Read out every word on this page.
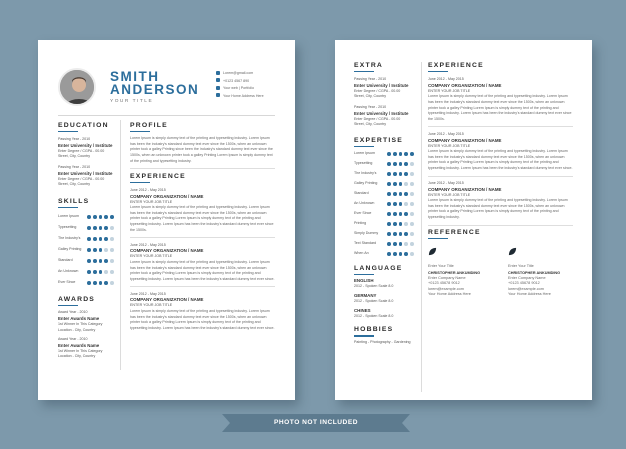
SMITH
ANDERSON
YOUR TITLE
Lorem@gmail.com
+0123 4567 890
Your web | Portfolio
Your Home Address Here
EDUCATION
Passing Year - 2010
Enter University / Institute
Enter Degree / CGPA - 00.00
Street, City, Country
Passing Year - 2010
Enter University / Institute
Enter Degree / CGPA - 00.00
Street, City, Country
SKILLS
Lorem Ipsum
Typesetting
The Industry's
Galley Printing
Standard
An Unknown
Ever Since
AWARDS
Award Year - 2010
Enter Awards Name
1st Winner In This Category
Location - City, Country
Award Year - 2010
Enter Awards Name
1st Winner In This Category
Location - City, Country
PROFILE
Lorem Ipsum is simply dummy text of the printing and typesetting industry. Lorem Ipsum has been the industry's standard dummy text ever since the 1500s, when an unknown printer took a galley Printing since been the industry's standard dummy text ever since the 1500s, when an unknown printer took a galley Printing Lorem Ipsum is simply dummy text of the printing and typesetting industry.
EXPERIENCE
June 2012 - May 2015
COMPANY ORGANIZATION / NAME
ENTER YOUR JOB TITLE
Lorem Ipsum is simply dummy text of the printing and typesetting industry. Lorem Ipsum has been the industry's standard dummy text ever since the 1500s, when an unknown printer took a galley Printing Lorem Ipsum is simply dummy text of the printing and typesetting industry. Lorem Ipsum has been the industry's standard dummy text ever since the 1500s.
June 2012 - May 2015
COMPANY ORGANIZATION / NAME
ENTER YOUR JOB TITLE
Lorem Ipsum is simply dummy text of the printing and typesetting industry. Lorem Ipsum has been the industry's standard dummy text ever since the 1500s, when an unknown printer took a galley Printing Lorem Ipsum is simply dummy text of the printing and typesetting industry. Lorem Ipsum has been the industry's standard dummy text ever since.
June 2012 - May 2015
COMPANY ORGANIZATION / NAME
ENTER YOUR JOB TITLE
Lorem Ipsum is simply dummy text of the printing and typesetting industry. Lorem Ipsum has been the industry's standard dummy text ever since the 1500s, when an unknown printer took a galley Printing Lorem Ipsum is simply dummy text of the printing and typesetting industry. Lorem Ipsum has been the industry's standard dummy text ever since.
EXTRA
Passing Year - 2010
Enter University / Institute
Enter Degree / CGPA - 00.00
Street, City, Country
Passing Year - 2010
Enter University / Institute
Enter Degree / CGPA - 00.00
Street, City, Country
EXPERTISE
Lorem Ipsum
Typesetting
The Industry's
Galley Printing
Standard
An Unknown
Ever Since
Printing
Simply Dummy
Text Standard
When An
LANGUAGE
ENGLISH
2012 - Spoken Scale 8.0
GERMANY
2012 - Spoken Scale 8.0
CHINES
2012 - Spoken Scale 8.0
HOBBIES
Painting - Photography - Gardening
EXPERIENCE
June 2012 - May 2015
COMPANY ORGANIZATION / NAME
ENTER YOUR JOB TITLE
Lorem Ipsum is simply dummy text of the printing and typesetting industry. Lorem Ipsum has been the industry's standard dummy text ever since the 1500s, when an unknown printer took a galley Printing Lorem Ipsum is simply dummy text of the printing and typesetting industry. Lorem Ipsum has been the industry's standard dummy text ever since the 1500s.
June 2012 - May 2015
COMPANY ORGANIZATION / NAME
ENTER YOUR JOB TITLE
Lorem Ipsum is simply dummy text of the printing and typesetting industry. Lorem Ipsum has been the industry's standard dummy text ever since the 1500s, when an unknown printer took a galley Printing Lorem Ipsum is simply dummy text of the printing and typesetting industry. Lorem Ipsum has been the industry's standard dummy text ever since.
June 2012 - May 2015
COMPANY ORGANIZATION / NAME
ENTER YOUR JOB TITLE
Lorem Ipsum is simply dummy text of the printing and typesetting industry. Lorem Ipsum has been the industry's standard dummy text ever since the 1500s, when an unknown printer took a galley Printing Lorem Ipsum is simply dummy text of the printing and typesetting industry.
REFERENCE
Enter Your Title
CHRISTOPHER ANKUMDING
Enter Company Name
+0123 45678 9012
lorem@example.com
Your Home Address Here
Enter Your Title
CHRISTOPHER ANKUMDING
Enter Company Name
+0123 45678 9012
lorem@example.com
Your Home Address Here
PHOTO NOT INCLUDED
